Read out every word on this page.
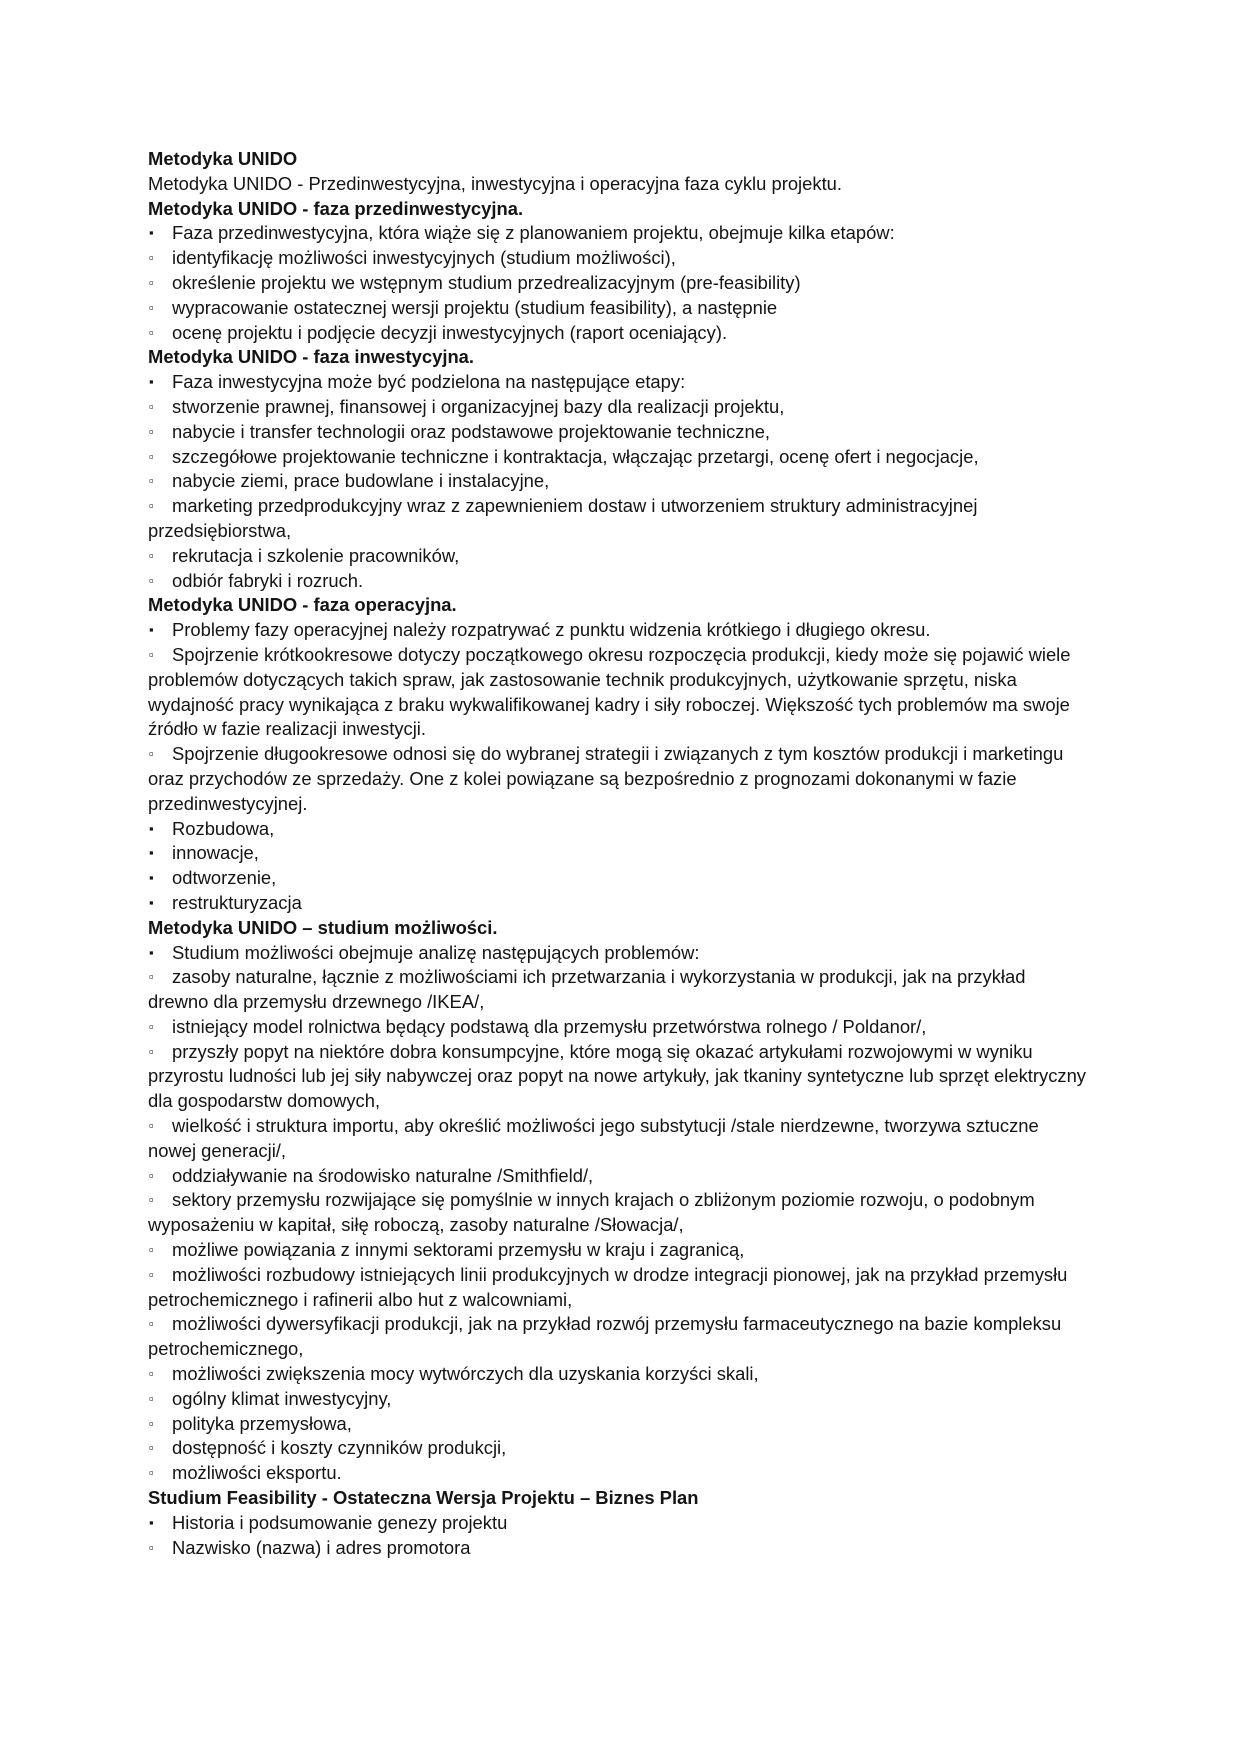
Metodyka UNIDO
Metodyka UNIDO - Przedinwestycyjna, inwestycyjna i operacyjna faza cyklu projektu.
Metodyka UNIDO - faza przedinwestycyjna.
▪ Faza przedinwestycyjna, która wiąże się z planowaniem projektu, obejmuje kilka etapów:
▫ identyfikację możliwości inwestycyjnych (studium możliwości),
▫ określenie projektu we wstępnym studium przedrealizacyjnym (pre-feasibility)
▫ wypracowanie ostatecznej wersji projektu (studium feasibility), a następnie
▫ ocenę projektu i podjęcie decyzji inwestycyjnych (raport oceniający).
Metodyka UNIDO - faza inwestycyjna.
▪ Faza inwestycyjna może być podzielona na następujące etapy:
▫ stworzenie prawnej, finansowej i organizacyjnej bazy dla realizacji projektu,
▫ nabycie i transfer technologii oraz podstawowe projektowanie techniczne,
▫ szczegółowe projektowanie techniczne i kontraktacja, włączając przetargi, ocenę ofert i negocjacje,
▫ nabycie ziemi, prace budowlane i instalacyjne,
▫ marketing przedprodukcyjny wraz z zapewnieniem dostaw i utworzeniem struktury administracyjnej przedsiębiorstwa,
▫ rekrutacja i szkolenie pracowników,
▫ odbiór fabryki i rozruch.
Metodyka UNIDO - faza operacyjna.
▪ Problemy fazy operacyjnej należy rozpatrywać z punktu widzenia krótkiego i długiego okresu.
▫ Spojrzenie krótkookresowe dotyczy początkowego okresu rozpoczęcia produkcji, kiedy może się pojawić wiele problemów dotyczących takich spraw, jak zastosowanie technik produkcyjnych, użytkowanie sprzętu, niska wydajność pracy wynikająca z braku wykwalifikowanej kadry i siły roboczej. Większość tych problemów ma swoje źródło w fazie realizacji inwestycji.
▫ Spojrzenie długookresowe odnosi się do wybranej strategii i związanych z tym kosztów produkcji i marketingu oraz przychodów ze sprzedaży. One z kolei powiązane są bezpośrednio z prognozami dokonanymi w fazie przedinwestycyjnej.
▪ Rozbudowa,
▪ innowacje,
▪ odtworzenie,
▪ restrukturyzacja
Metodyka UNIDO – studium możliwości.
▪ Studium możliwości obejmuje analizę następujących problemów:
▫ zasoby naturalne, łącznie z możliwościami ich przetwarzania i wykorzystania w produkcji, jak na przykład drewno dla przemysłu drzewnego /IKEA/,
▫ istniejący model rolnictwa będący podstawą dla przemysłu przetwórstwa rolnego / Poldanor/,
▫ przyszły popyt na niektóre dobra konsumpcyjne, które mogą się okazać artykułami rozwojowymi w wyniku przyrostu ludności lub jej siły nabywczej oraz popyt na nowe artykuły, jak tkaniny syntetyczne lub sprzęt elektryczny dla gospodarstw domowych,
▫ wielkość i struktura importu, aby określić możliwości jego substytucji /stale nierdzewne, tworzywa sztuczne nowej generacji/,
▫ oddziaływanie na środowisko naturalne /Smithfield/,
▫ sektory przemysłu rozwijające się pomyślnie w innych krajach o zbliżonym poziomie rozwoju, o podobnym wyposażeniu w kapitał, siłę roboczą, zasoby naturalne /Słowacja/,
▫ możliwe powiązania z innymi sektorami przemysłu w kraju i zagranicą,
▫ możliwości rozbudowy istniejących linii produkcyjnych w drodze integracji pionowej, jak na przykład przemysłu petrochemicznego i rafinerii albo hut z walcowniami,
▫ możliwości dywersyfikacji produkcji, jak na przykład rozwój przemysłu farmaceutycznego na bazie kompleksu petrochemicznego,
▫ możliwości zwiększenia mocy wytwórczych dla uzyskania korzyści skali,
▫ ogólny klimat inwestycyjny,
▫ polityka przemysłowa,
▫ dostępność i koszty czynników produkcji,
▫ możliwości eksportu.
Studium Feasibility - Ostateczna Wersja Projektu – Biznes Plan
▪ Historia i podsumowanie genezy projektu
▫ Nazwisko (nazwa) i adres promotora
